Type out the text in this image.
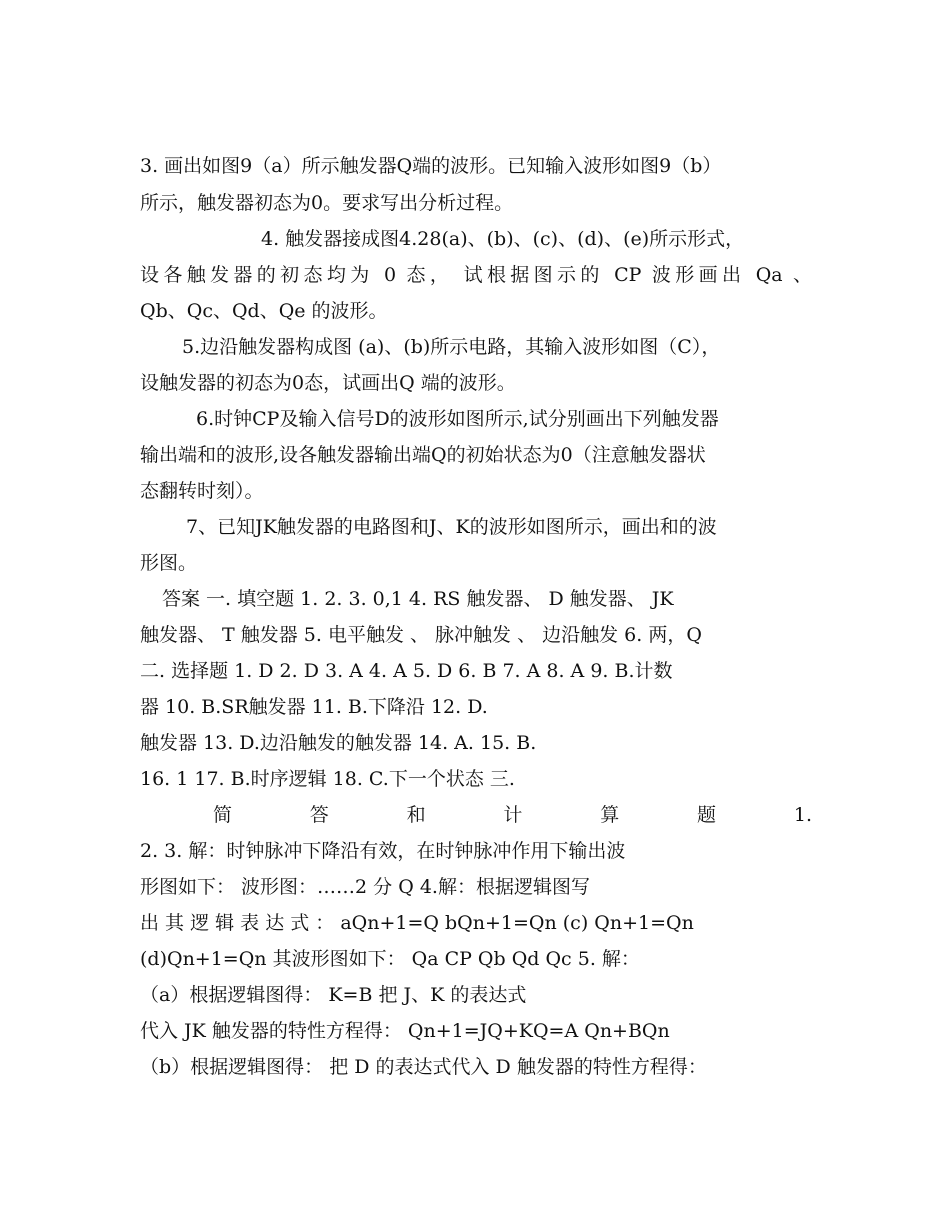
3. 画出如图9（a）所示触发器Q端的波形。已知输入波形如图9（b）
所示，触发器初态为0。要求写出分析过程。
4. 触发器接成图4.28(a)、(b)、(c)、(d)、(e)所示形式，
设各触发器的初态均为 0 态， 试根据图示的 CP 波形画出 Qa 、
Qb、Qc、Qd、Qe 的波形。
5.边沿触发器构成图 (a)、(b)所示电路，其输入波形如图（C），
设触发器的初态为0态，试画出Q 端的波形。
6.时钟CP及输入信号D的波形如图所示,试分别画出下列触发器
输出端和的波形,设各触发器输出端Q的初始状态为0（注意触发器状
态翻转时刻）。
7、已知JK触发器的电路图和J、K的波形如图所示，画出和的波
形图。
答案 一. 填空题 1. 2. 3. 0,1 4. RS 触发器、 D 触发器、 JK
触发器、 T 触发器 5. 电平触发 、 脉冲触发 、 边沿触发 6. 两，Q
二. 选择题 1. D 2. D 3. A 4. A 5. D 6. B 7. A 8. A 9. B.计数
器 10. B.SR触发器 11. B.下降沿 12. D.
触发器 13. D.边沿触发的触发器 14. A. 15. B.
16. 1 17. B.时序逻辑 18. C.下一个状态 三.
简 答 和 计 算 题 1.
2. 3. 解：时钟脉冲下降沿有效，在时钟脉冲作用下输出波
形图如下： 波形图：……2 分 Q 4.解：根据逻辑图写
出 其 逻 辑 表 达 式 ： aQn+1=Q bQn+1=Qn (c) Qn+1=Qn
(d)Qn+1=Qn 其波形图如下： Qa CP Qb Qd Qc 5. 解：
（a）根据逻辑图得： K=B 把 J、K 的表达式
代入 JK 触发器的特性方程得： Qn+1=JQ+KQ=A Qn+BQn
（b）根据逻辑图得： 把 D 的表达式代入 D 触发器的特性方程得：
